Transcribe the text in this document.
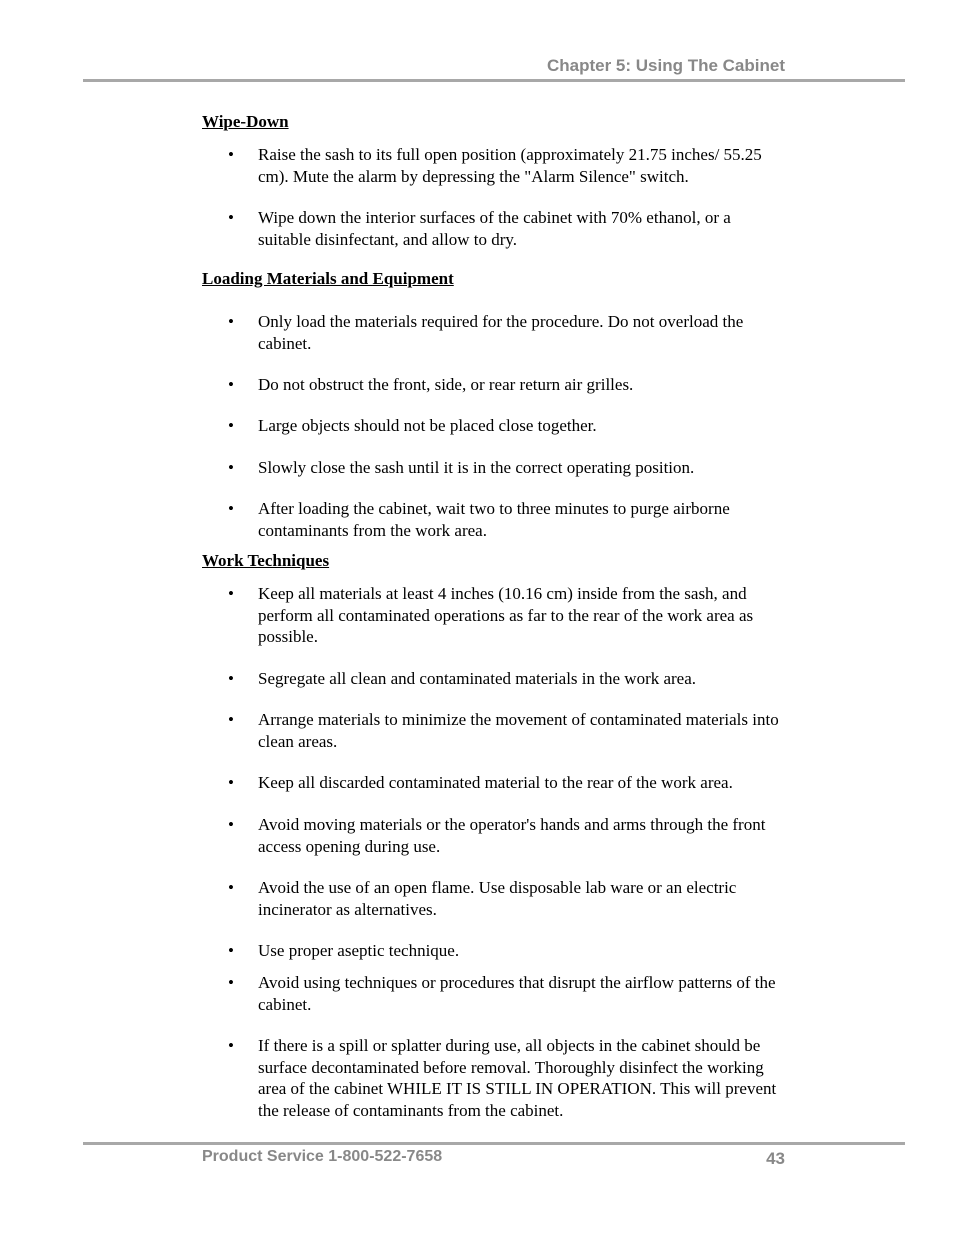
Chapter 5: Using The Cabinet
Wipe-Down
• Raise the sash to its full open position (approximately 21.75 inches/ 55.25 cm). Mute the alarm by depressing the "Alarm Silence" switch.
• Wipe down the interior surfaces of the cabinet with 70% ethanol, or a suitable disinfectant, and allow to dry.
Loading Materials and Equipment
• Only load the materials required for the procedure. Do not overload the cabinet.
• Do not obstruct the front, side, or rear return air grilles.
• Large objects should not be placed close together.
• Slowly close the sash until it is in the correct operating position.
• After loading the cabinet, wait two to three minutes to purge airborne contaminants from the work area.
Work Techniques
• Keep all materials at least 4 inches (10.16 cm) inside from the sash, and perform all contaminated operations as far to the rear of the work area as possible.
• Segregate all clean and contaminated materials in the work area.
• Arrange materials to minimize the movement of contaminated materials into clean areas.
• Keep all discarded contaminated material to the rear of the work area.
• Avoid moving materials or the operator's hands and arms through the front access opening during use.
• Avoid the use of an open flame. Use disposable lab ware or an electric incinerator as alternatives.
• Use proper aseptic technique.
• Avoid using techniques or procedures that disrupt the airflow patterns of the cabinet.
• If there is a spill or splatter during use, all objects in the cabinet should be surface decontaminated before removal. Thoroughly disinfect the working area of the cabinet WHILE IT IS STILL IN OPERATION. This will prevent the release of contaminants from the cabinet.
Product Service 1-800-522-7658	43
